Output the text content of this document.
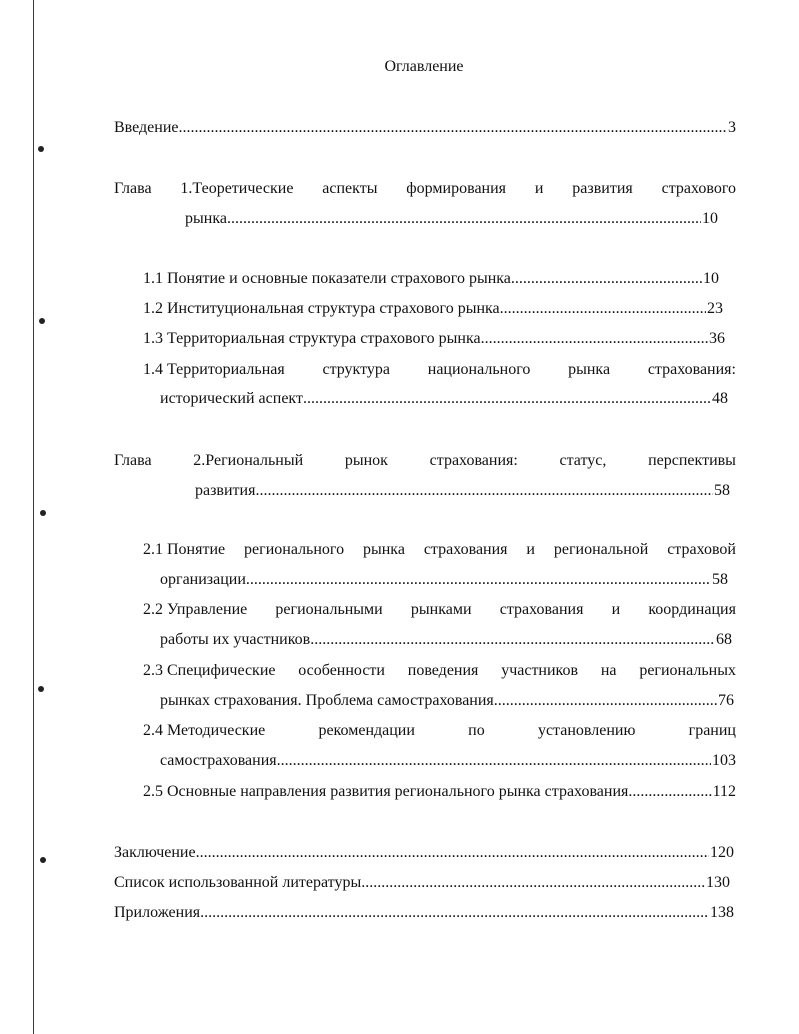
Оглавление
Введение .....	3
Глава 1.Теоретические аспекты формирования и развития страхового
рынка .....	10
1.1 Понятие и основные показатели страхового рынка .....	10
1.2 Институциональная структура страхового рынка .....	23
1.3 Территориальная структура страхового рынка .....	36
1.4 Территориальная структура национального рынка страхования:
исторический аспект .....	48
Глава	2.Региональный	рынок	страхования:	статус,	перспективы
развития .....	58
2.1 Понятие регионального рынка страхования и региональной страховой
организации .....	58
2.2 Управление региональными рынками страхования и координация
работы их участников .....	68
2.3 Специфические особенности поведения участников на региональных
рынках страхования. Проблема самострахования .....	76
2.4 Методические	рекомендации	по	установлению	границ
самострахования .....	103
2.5 Основные направления развития регионального рынка страхования .....	112
Заключение .....	120
Список использованной литературы .....	130
Приложения .....	138
